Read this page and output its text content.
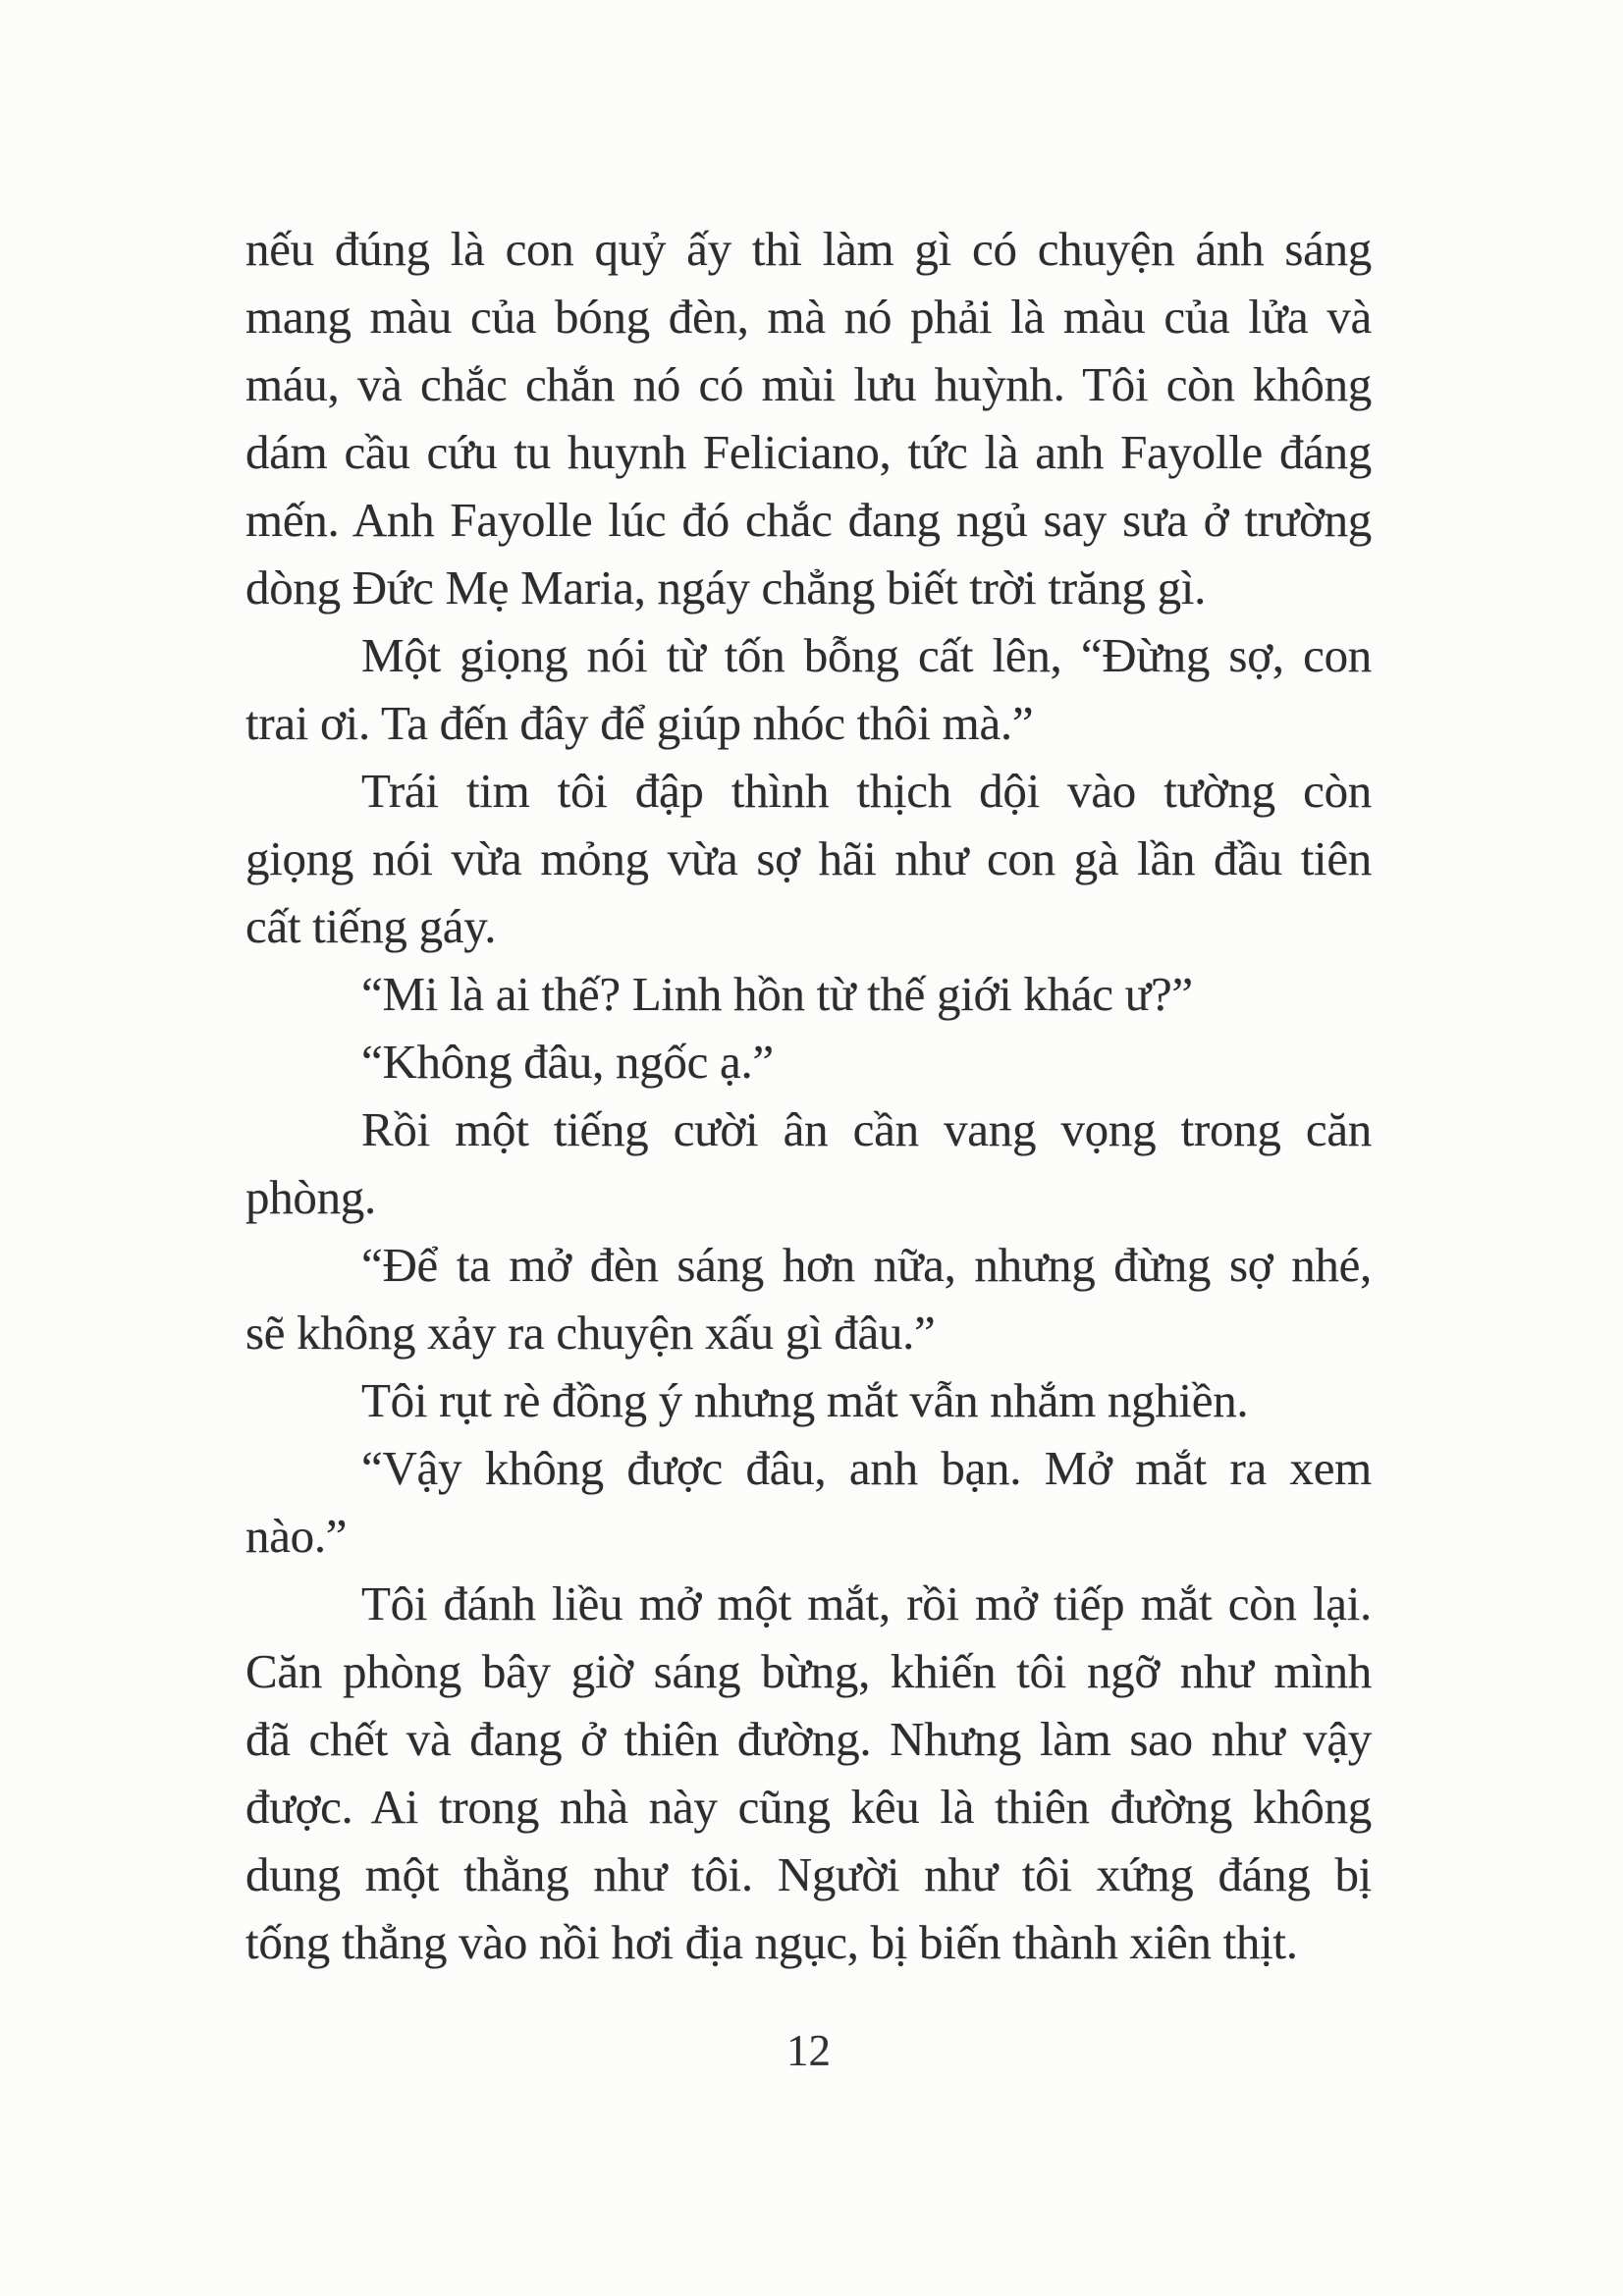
nếu đúng là con quỷ ấy thì làm gì có chuyện ánh sáng
mang màu của bóng đèn, mà nó phải là màu của lửa và
máu, và chắc chắn nó có mùi lưu huỳnh. Tôi còn không
dám cầu cứu tu huynh Feliciano, tức là anh Fayolle đáng
mến. Anh Fayolle lúc đó chắc đang ngủ say sưa ở trường
dòng Đức Mẹ Maria, ngáy chẳng biết trời trăng gì.
Một giọng nói từ tốn bỗng cất lên, “Đừng sợ, con
trai ơi. Ta đến đây để giúp nhóc thôi mà.”
Trái tim tôi đập thình thịch dội vào tường còn
giọng nói vừa mỏng vừa sợ hãi như con gà lần đầu tiên
cất tiếng gáy.
“Mi là ai thế? Linh hồn từ thế giới khác ư?”
“Không đâu, ngốc ạ.”
Rồi một tiếng cười ân cần vang vọng trong căn
phòng.
“Để ta mở đèn sáng hơn nữa, nhưng đừng sợ nhé,
sẽ không xảy ra chuyện xấu gì đâu.”
Tôi rụt rè đồng ý nhưng mắt vẫn nhắm nghiền.
“Vậy không được đâu, anh bạn. Mở mắt ra xem
nào.”
Tôi đánh liều mở một mắt, rồi mở tiếp mắt còn lại.
Căn phòng bây giờ sáng bừng, khiến tôi ngỡ như mình
đã chết và đang ở thiên đường. Nhưng làm sao như vậy
được. Ai trong nhà này cũng kêu là thiên đường không
dung một thằng như tôi. Người như tôi xứng đáng bị
tống thẳng vào nồi hơi địa ngục, bị biến thành xiên thịt.
12
